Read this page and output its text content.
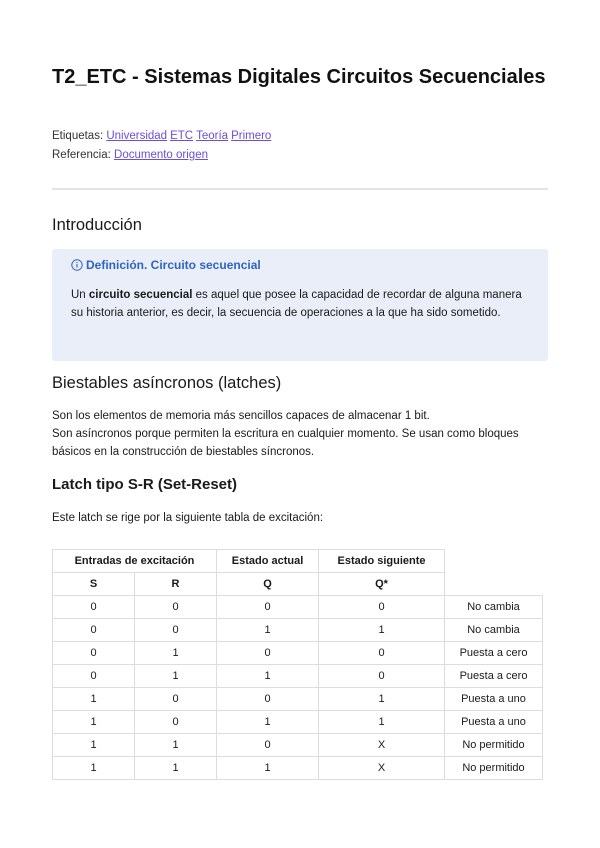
T2_ETC - Sistemas Digitales Circuitos Secuenciales
Etiquetas: Universidad ETC Teoría Primero
Referencia: Documento origen
Introducción
Definición. Circuito secuencial
Un circuito secuencial es aquel que posee la capacidad de recordar de alguna manera su historia anterior, es decir, la secuencia de operaciones a la que ha sido sometido.
Biestables asíncronos (latches)
Son los elementos de memoria más sencillos capaces de almacenar 1 bit.
Son asíncronos porque permiten la escritura en cualquier momento. Se usan como bloques básicos en la construcción de biestables síncronos.
Latch tipo S-R (Set-Reset)
Este latch se rige por la siguiente tabla de excitación:
Entradas de excitación		Estado actual	Estado siguiente	
S	R	Q	Q*	
0	0	0	0	No cambia
0	0	1	1	No cambia
0	1	0	0	Puesta a cero
0	1	1	0	Puesta a cero
1	0	0	1	Puesta a uno
1	0	1	1	Puesta a uno
1	1	0	X	No permitido
1	1	1	X	No permitido
